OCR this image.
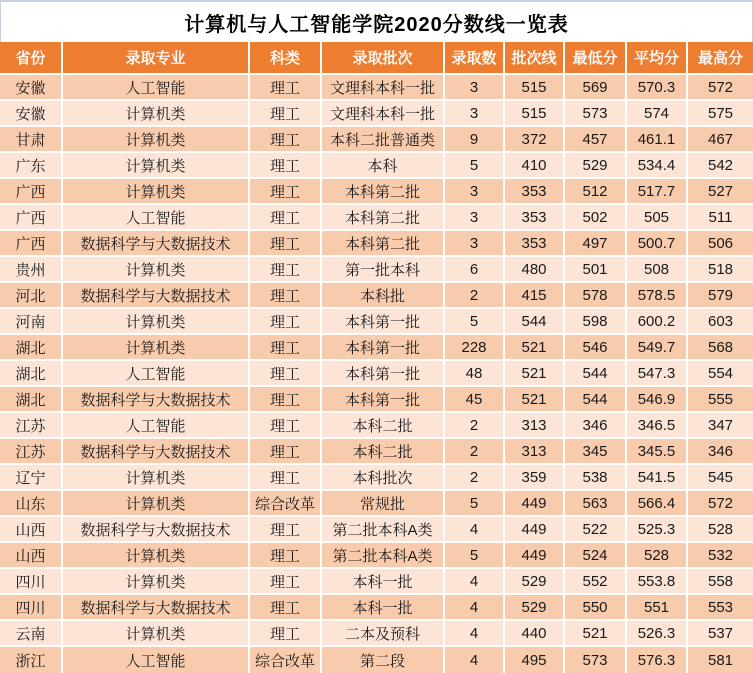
计算机与人工智能学院2020分数线一览表
省份	录取专业	科类	录取批次	录取数	批次线	最低分	平均分	最高分
安徽	人工智能	理工	文理科本科一批	3	515	569	570.3	572
安徽	计算机类	理工	文理科本科一批	3	515	573	574	575
甘肃	计算机类	理工	本科二批普通类	9	372	457	461.1	467
广东	计算机类	理工	本科	5	410	529	534.4	542
广西	计算机类	理工	本科第二批	3	353	512	517.7	527
广西	人工智能	理工	本科第二批	3	353	502	505	511
广西	数据科学与大数据技术	理工	本科第二批	3	353	497	500.7	506
贵州	计算机类	理工	第一批本科	6	480	501	508	518
河北	数据科学与大数据技术	理工	本科批	2	415	578	578.5	579
河南	计算机类	理工	本科第一批	5	544	598	600.2	603
湖北	计算机类	理工	本科第一批	228	521	546	549.7	568
湖北	人工智能	理工	本科第一批	48	521	544	547.3	554
湖北	数据科学与大数据技术	理工	本科第一批	45	521	544	546.9	555
江苏	人工智能	理工	本科二批	2	313	346	346.5	347
江苏	数据科学与大数据技术	理工	本科二批	2	313	345	345.5	346
辽宁	计算机类	理工	本科批次	2	359	538	541.5	545
山东	计算机类	综合改革	常规批	5	449	563	566.4	572
山西	数据科学与大数据技术	理工	第二批本科A类	4	449	522	525.3	528
山西	计算机类	理工	第二批本科A类	5	449	524	528	532
四川	计算机类	理工	本科一批	4	529	552	553.8	558
四川	数据科学与大数据技术	理工	本科一批	4	529	550	551	553
云南	计算机类	理工	二本及预科	4	440	521	526.3	537
浙江	人工智能	综合改革	第二段	4	495	573	576.3	581
